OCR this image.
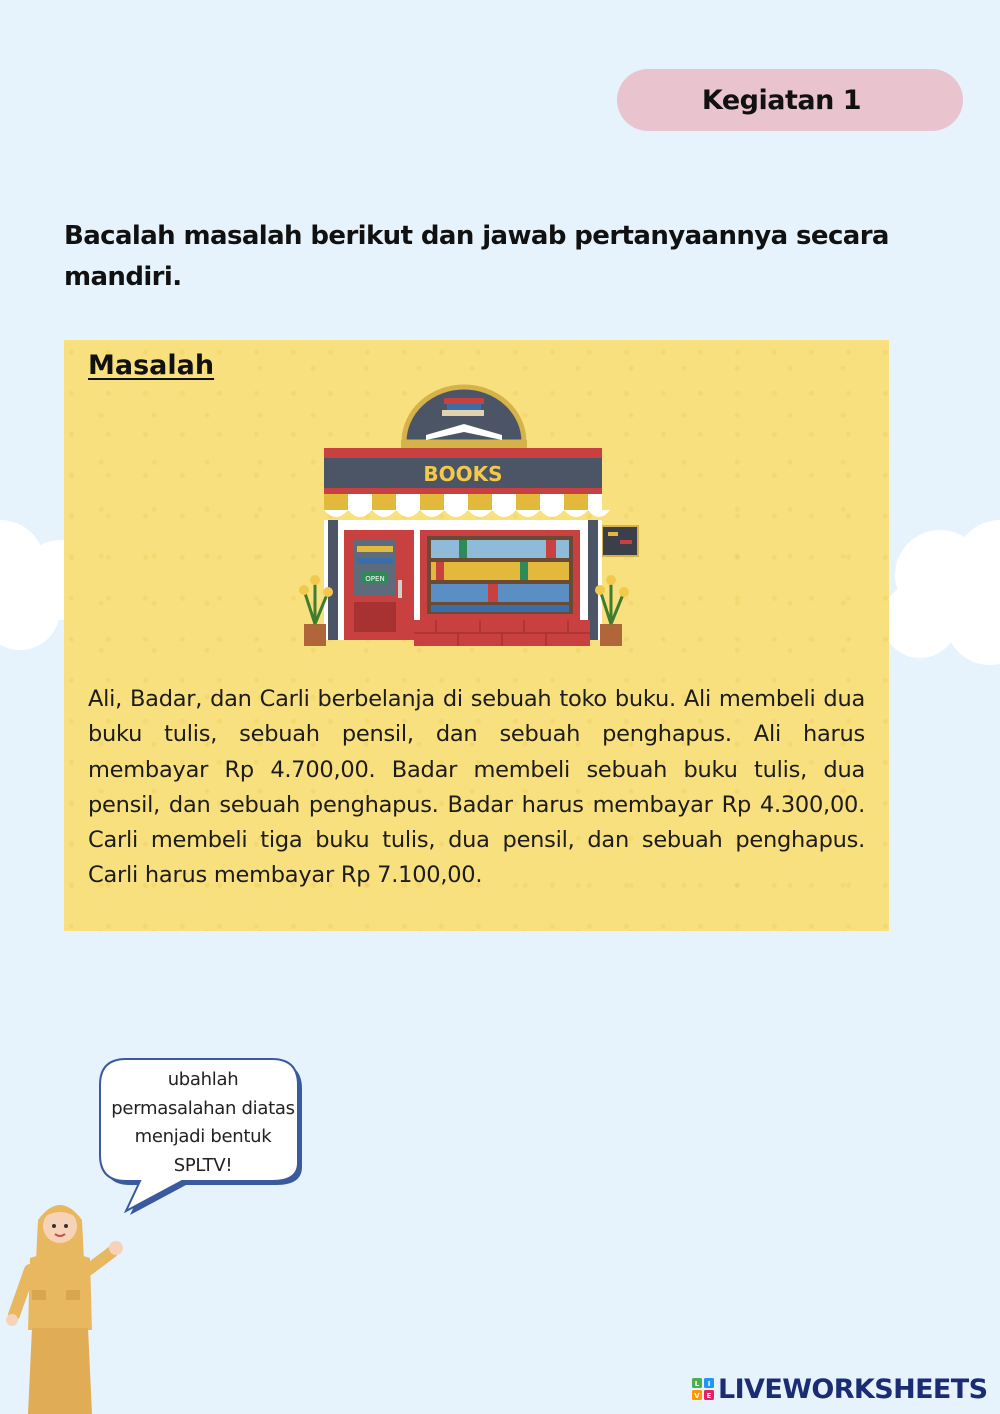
Kegiatan 1

Bacalah masalah berikut dan jawab pertanyaannya secara mandiri.

Masalah
BOOKS
OPEN

Ali, Badar, dan Carli berbelanja di sebuah toko buku. Ali membeli dua buku tulis, sebuah pensil, dan sebuah penghapus. Ali harus membayar Rp 4.700,00. Badar membeli sebuah buku tulis, dua pensil, dan sebuah penghapus. Badar harus membayar Rp 4.300,00. Carli membeli tiga buku tulis, dua pensil, dan sebuah penghapus. Carli harus membayar Rp 7.100,00.

ubahlah permasalahan diatas menjadi bentuk SPLTV!

L I
V E LIVEWORKSHEETS
